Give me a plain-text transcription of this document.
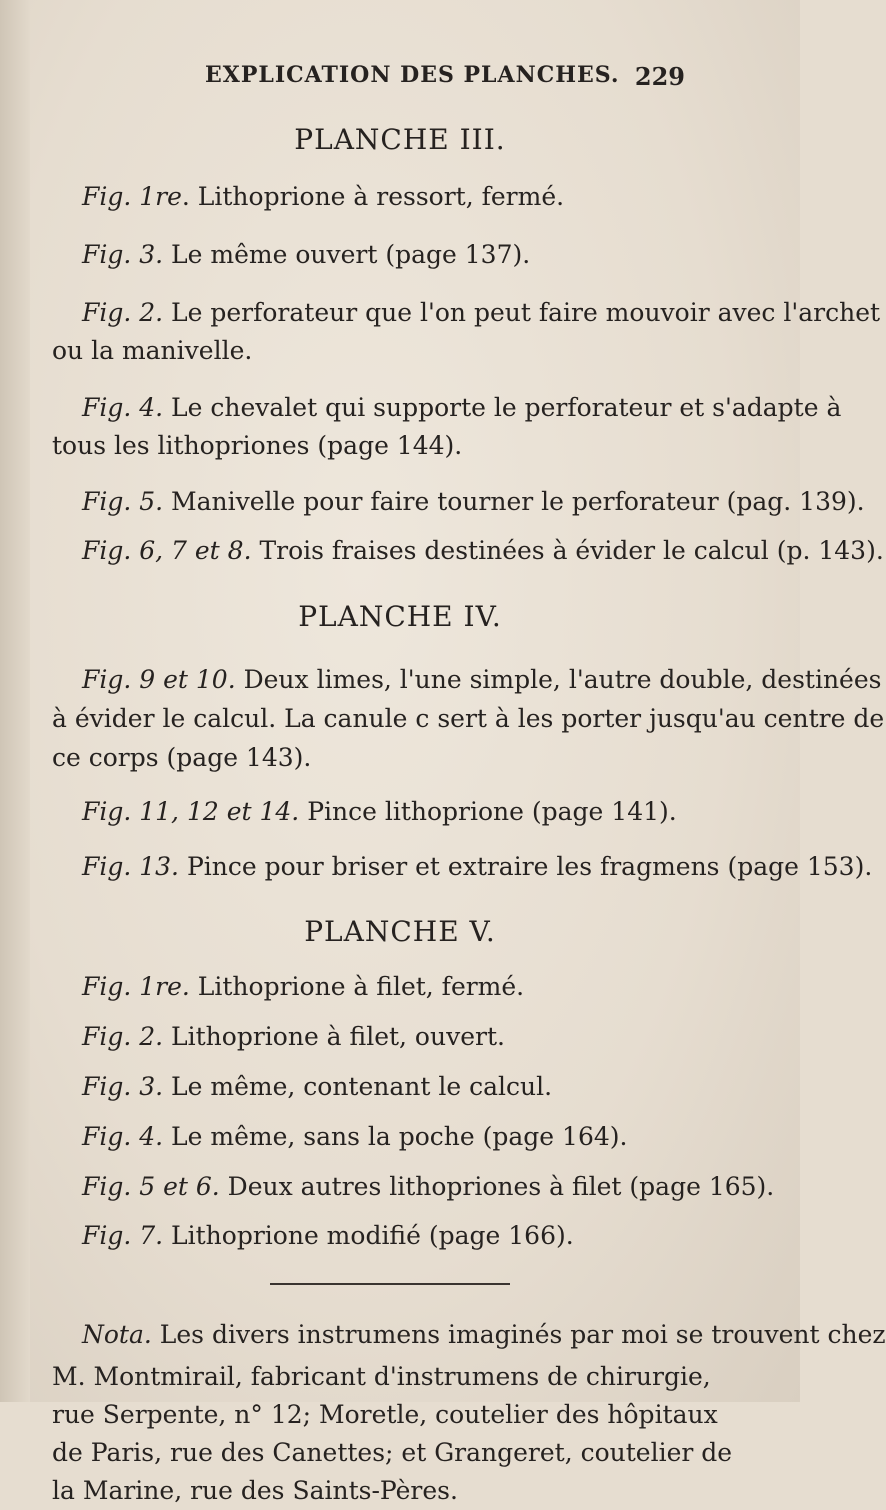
EXPLICATION DES PLANCHES. 229
PLANCHE III.
Fig. 1re. Lithoprione à ressort, fermé.
Fig. 3. Le même ouvert (page 137).
Fig. 2. Le perforateur que l'on peut faire mouvoir avec l'archet
ou la manivelle.
Fig. 4. Le chevalet qui supporte le perforateur et s'adapte à
tous les lithopriones (page 144).
Fig. 5. Manivelle pour faire tourner le perforateur (pag. 139).
Fig. 6, 7 et 8. Trois fraises destinées à évider le calcul (p. 143).
PLANCHE IV.
Fig. 9 et 10. Deux limes, l'une simple, l'autre double, destinées
à évider le calcul. La canule c sert à les porter jusqu'au centre de
ce corps (page 143).
Fig. 11, 12 et 14. Pince lithoprione (page 141).
Fig. 13. Pince pour briser et extraire les fragmens (page 153).
PLANCHE V.
Fig. 1re. Lithoprione à filet, fermé.
Fig. 2. Lithoprione à filet, ouvert.
Fig. 3. Le même, contenant le calcul.
Fig. 4. Le même, sans la poche (page 164).
Fig. 5 et 6. Deux autres lithopriones à filet (page 165).
Fig. 7. Lithoprione modifié (page 166).
Nota. Les divers instrumens imaginés par moi se trouvent chez
M. Montmirail, fabricant d'instrumens de chirurgie, rue Serpente, n° 12; Moretle, coutelier des hôpitaux de Paris, rue des Canettes; et Grangeret, coutelier de la Marine, rue des Saints-Pères.
